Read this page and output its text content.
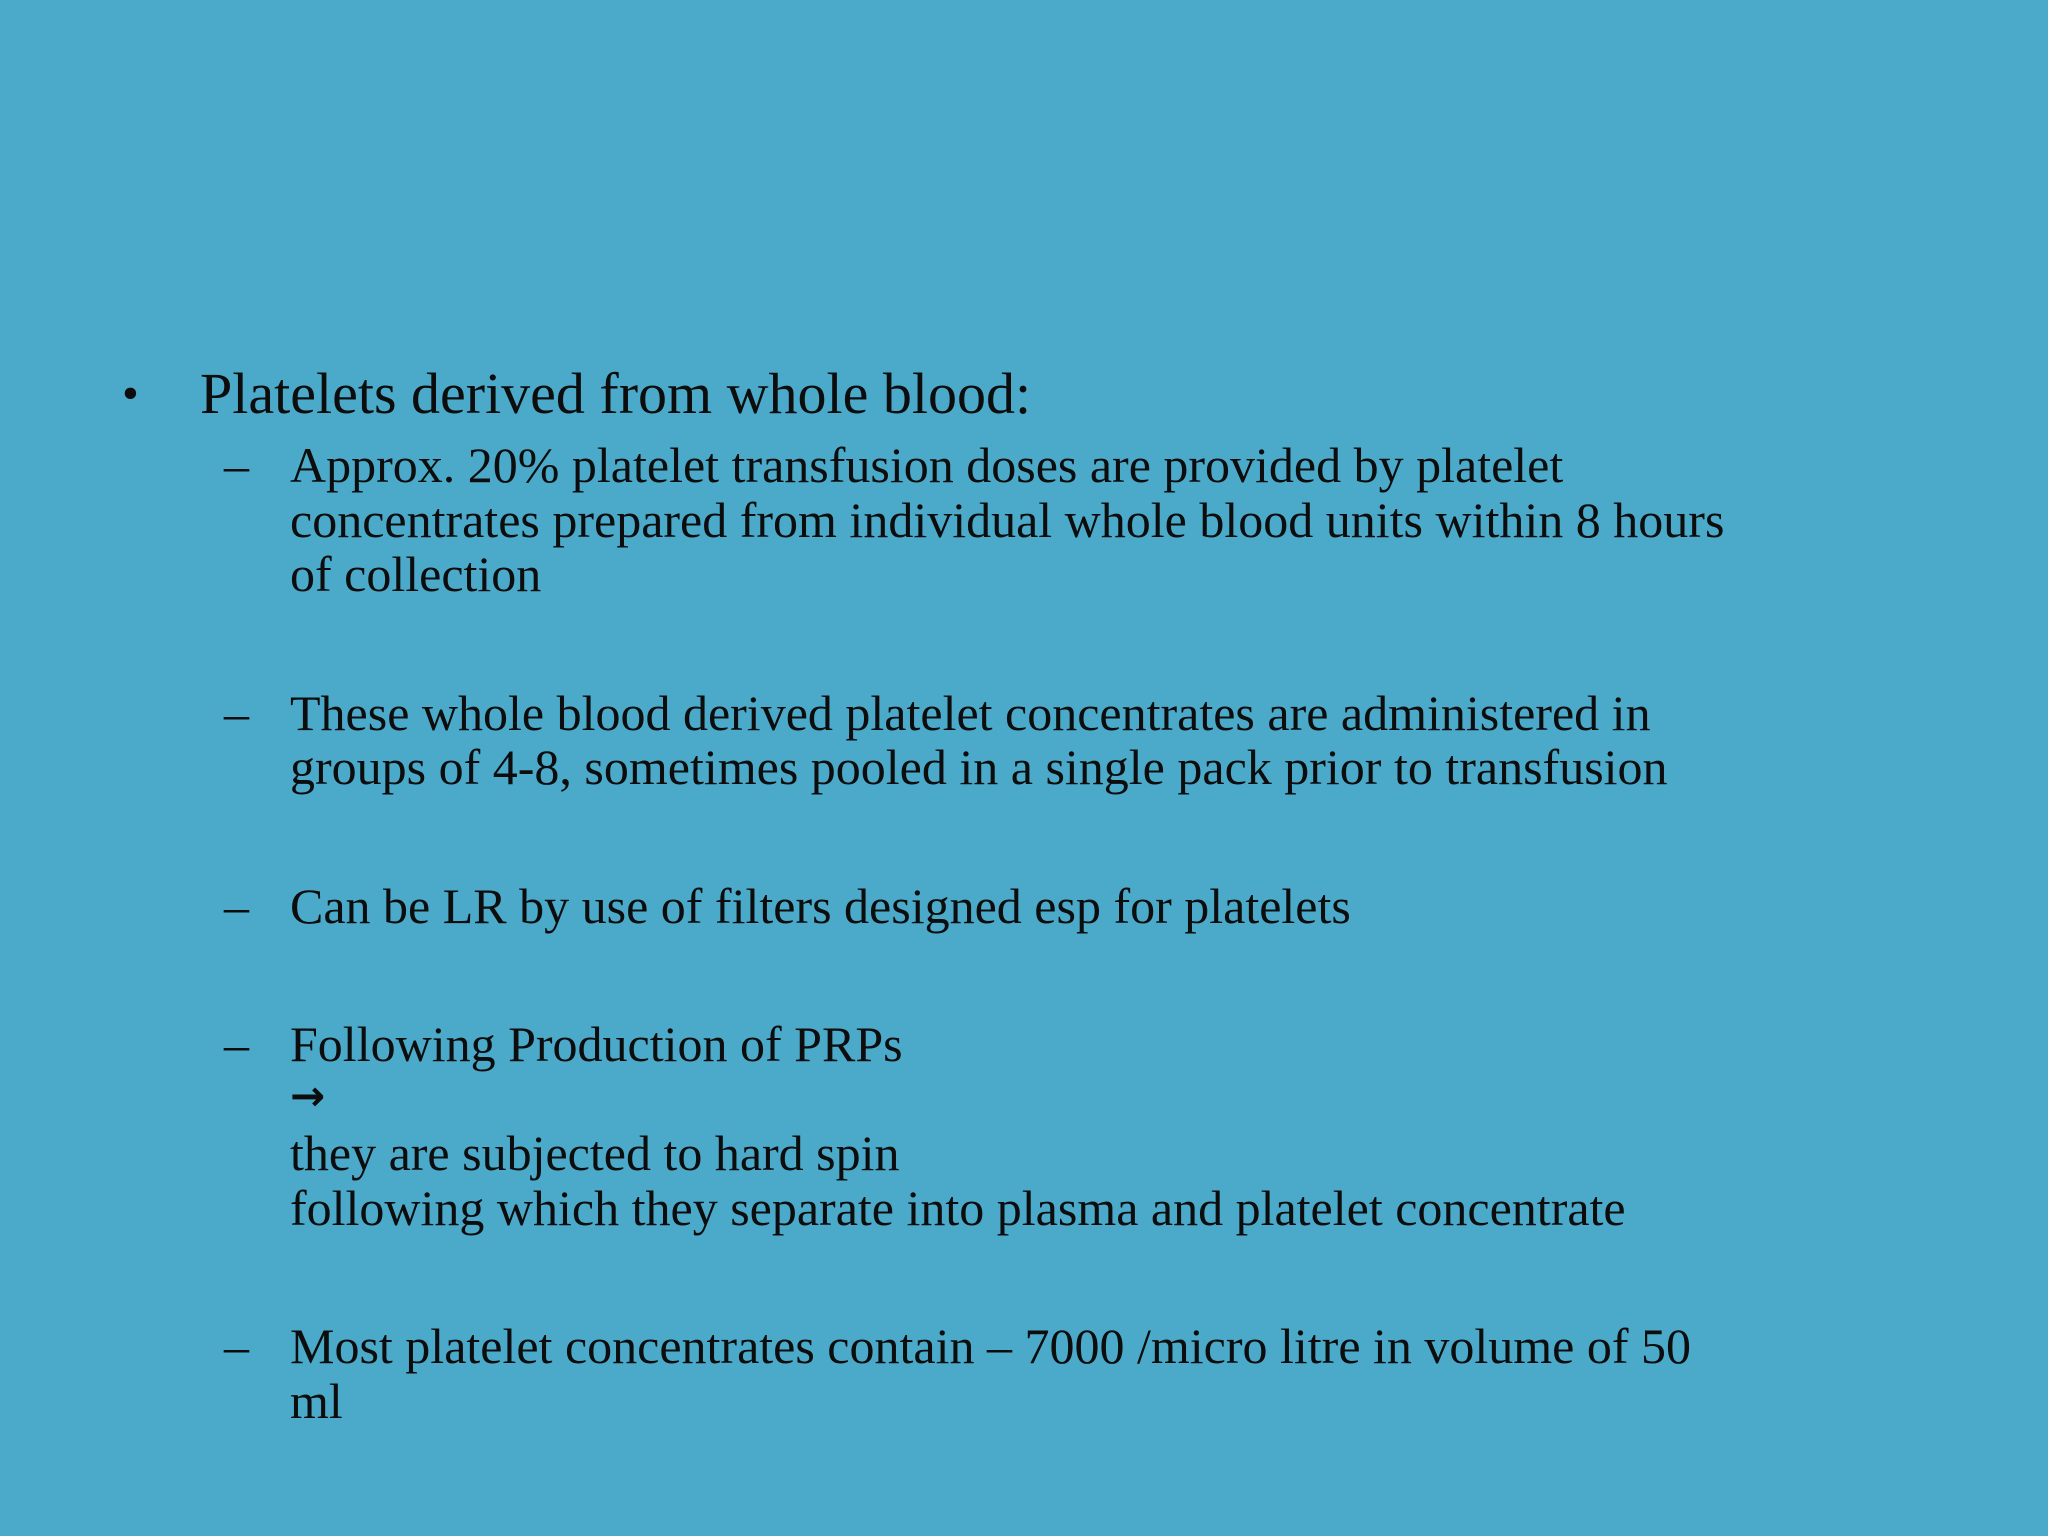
•	Platelets derived from whole blood:
– Approx. 20% platelet transfusion doses are provided by platelet
concentrates prepared from individual whole blood units within 8 hours
of collection
– These whole blood derived platelet concentrates are administered in
groups of 4-8, sometimes pooled in a single pack prior to transfusion
– Can be LR by use of filters designed esp for platelets
– Following Production of PRPs
→
they are subjected to hard spin
following which they separate into plasma and platelet concentrate
– Most platelet concentrates contain – 7000 /micro litre in volume of 50
ml
